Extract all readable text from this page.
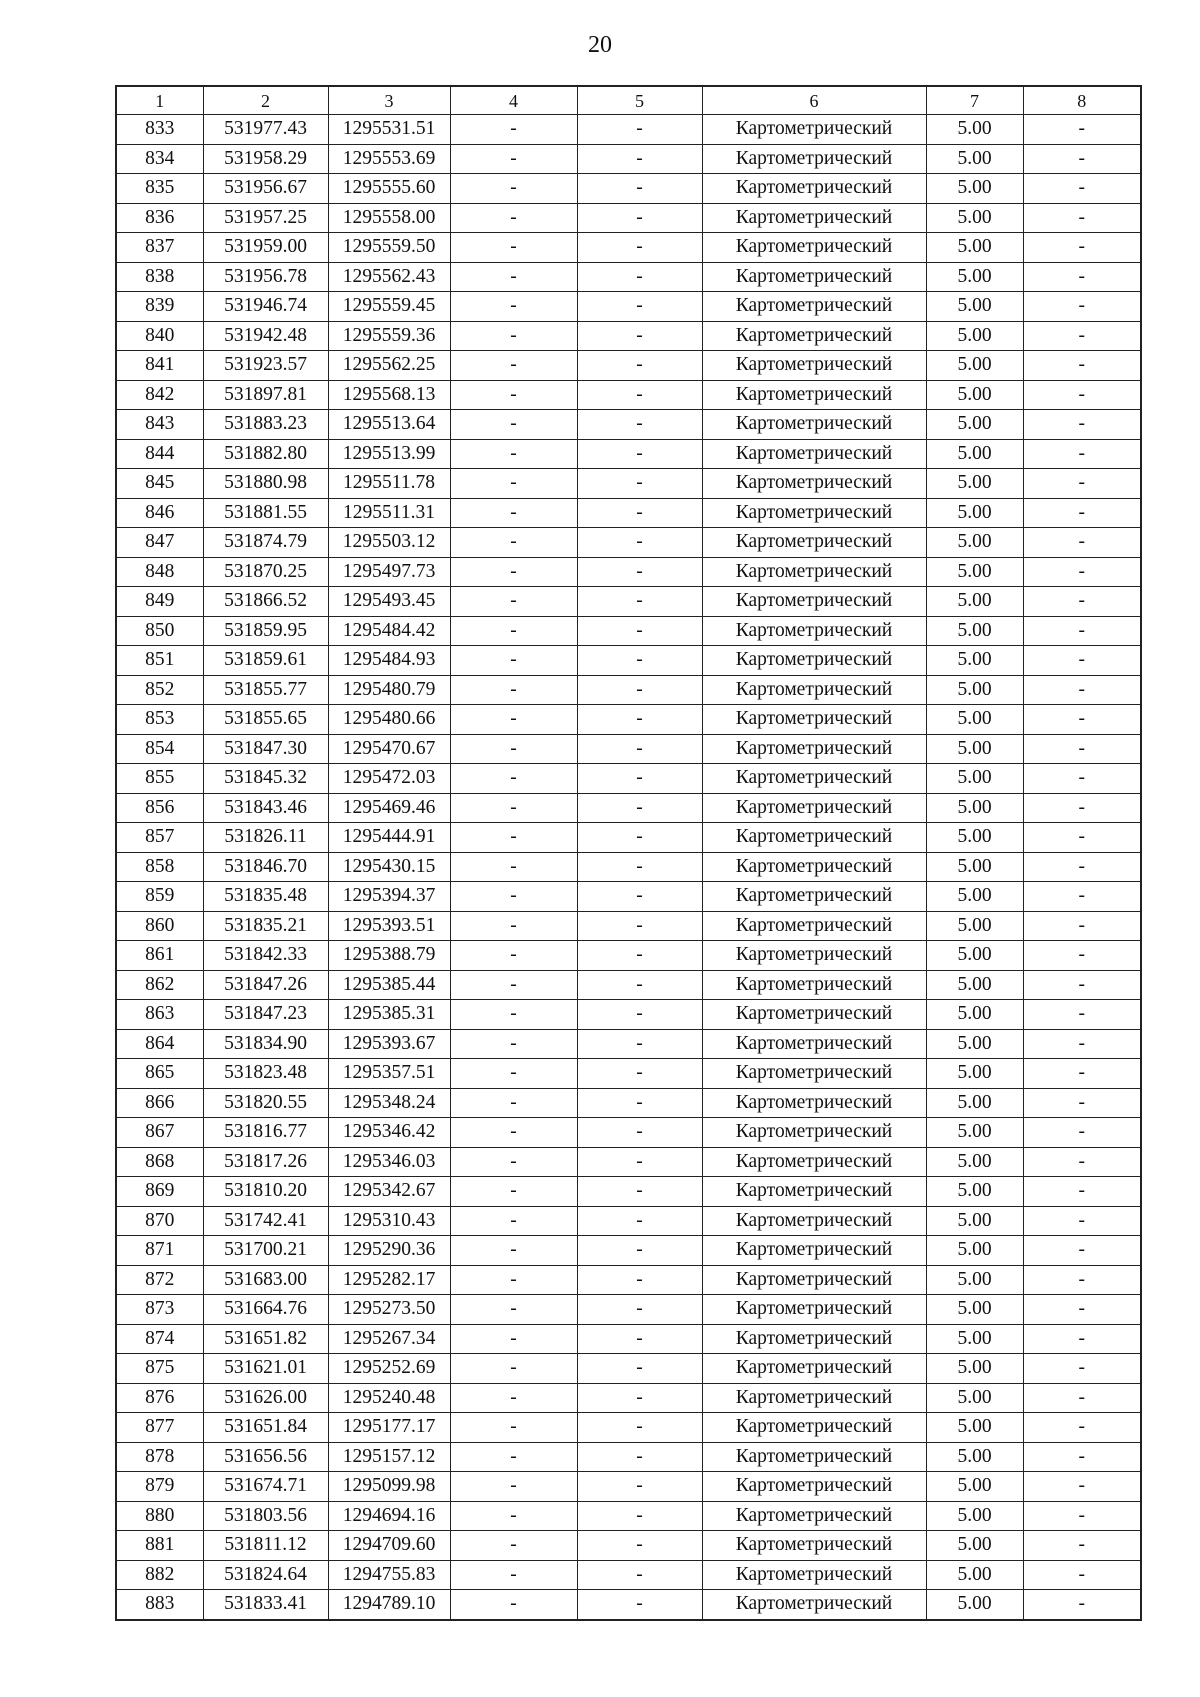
20
1	2	3	4	5	6	7	8
833	531977.43	1295531.51	-	-	Картометрический	5.00	-
834	531958.29	1295553.69	-	-	Картометрический	5.00	-
835	531956.67	1295555.60	-	-	Картометрический	5.00	-
836	531957.25	1295558.00	-	-	Картометрический	5.00	-
837	531959.00	1295559.50	-	-	Картометрический	5.00	-
838	531956.78	1295562.43	-	-	Картометрический	5.00	-
839	531946.74	1295559.45	-	-	Картометрический	5.00	-
840	531942.48	1295559.36	-	-	Картометрический	5.00	-
841	531923.57	1295562.25	-	-	Картометрический	5.00	-
842	531897.81	1295568.13	-	-	Картометрический	5.00	-
843	531883.23	1295513.64	-	-	Картометрический	5.00	-
844	531882.80	1295513.99	-	-	Картометрический	5.00	-
845	531880.98	1295511.78	-	-	Картометрический	5.00	-
846	531881.55	1295511.31	-	-	Картометрический	5.00	-
847	531874.79	1295503.12	-	-	Картометрический	5.00	-
848	531870.25	1295497.73	-	-	Картометрический	5.00	-
849	531866.52	1295493.45	-	-	Картометрический	5.00	-
850	531859.95	1295484.42	-	-	Картометрический	5.00	-
851	531859.61	1295484.93	-	-	Картометрический	5.00	-
852	531855.77	1295480.79	-	-	Картометрический	5.00	-
853	531855.65	1295480.66	-	-	Картометрический	5.00	-
854	531847.30	1295470.67	-	-	Картометрический	5.00	-
855	531845.32	1295472.03	-	-	Картометрический	5.00	-
856	531843.46	1295469.46	-	-	Картометрический	5.00	-
857	531826.11	1295444.91	-	-	Картометрический	5.00	-
858	531846.70	1295430.15	-	-	Картометрический	5.00	-
859	531835.48	1295394.37	-	-	Картометрический	5.00	-
860	531835.21	1295393.51	-	-	Картометрический	5.00	-
861	531842.33	1295388.79	-	-	Картометрический	5.00	-
862	531847.26	1295385.44	-	-	Картометрический	5.00	-
863	531847.23	1295385.31	-	-	Картометрический	5.00	-
864	531834.90	1295393.67	-	-	Картометрический	5.00	-
865	531823.48	1295357.51	-	-	Картометрический	5.00	-
866	531820.55	1295348.24	-	-	Картометрический	5.00	-
867	531816.77	1295346.42	-	-	Картометрический	5.00	-
868	531817.26	1295346.03	-	-	Картометрический	5.00	-
869	531810.20	1295342.67	-	-	Картометрический	5.00	-
870	531742.41	1295310.43	-	-	Картометрический	5.00	-
871	531700.21	1295290.36	-	-	Картометрический	5.00	-
872	531683.00	1295282.17	-	-	Картометрический	5.00	-
873	531664.76	1295273.50	-	-	Картометрический	5.00	-
874	531651.82	1295267.34	-	-	Картометрический	5.00	-
875	531621.01	1295252.69	-	-	Картометрический	5.00	-
876	531626.00	1295240.48	-	-	Картометрический	5.00	-
877	531651.84	1295177.17	-	-	Картометрический	5.00	-
878	531656.56	1295157.12	-	-	Картометрический	5.00	-
879	531674.71	1295099.98	-	-	Картометрический	5.00	-
880	531803.56	1294694.16	-	-	Картометрический	5.00	-
881	531811.12	1294709.60	-	-	Картометрический	5.00	-
882	531824.64	1294755.83	-	-	Картометрический	5.00	-
883	531833.41	1294789.10	-	-	Картометрический	5.00	-
